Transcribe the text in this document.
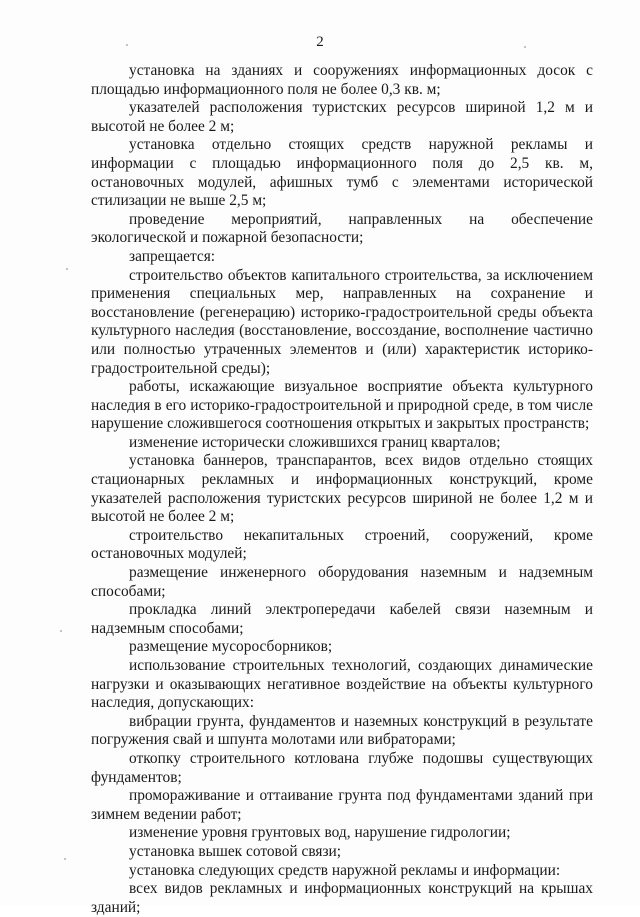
2

установка на зданиях и сооружениях информационных досок с площадью информационного поля не более 0,3 кв. м;

указателей расположения туристских ресурсов шириной 1,2 м и высотой не более 2 м;

установка отдельно стоящих средств наружной рекламы и информации с площадью информационного поля до 2,5 кв. м, остановочных модулей, афишных тумб с элементами исторической стилизации не выше 2,5 м;

проведение мероприятий, направленных на обеспечение экологической и пожарной безопасности;

запрещается:

строительство объектов капитального строительства, за исключением применения специальных мер, направленных на сохранение и восстановление (регенерацию) историко-градостроительной среды объекта культурного наследия (восстановление, воссоздание, восполнение частично или полностью утраченных элементов и (или) характеристик историко-градостроительной среды);

работы, искажающие визуальное восприятие объекта культурного наследия в его историко-градостроительной и природной среде, в том числе нарушение сложившегося соотношения открытых и закрытых пространств;

изменение исторически сложившихся границ кварталов;

установка баннеров, транспарантов, всех видов отдельно стоящих стационарных рекламных и информационных конструкций, кроме указателей расположения туристских ресурсов шириной не более 1,2 м и высотой не более 2 м;

строительство некапитальных строений, сооружений, кроме остановочных модулей;

размещение инженерного оборудования наземным и надземным способами;

прокладка линий электропередачи кабелей связи наземным и надземным способами;

размещение мусоросборников;

использование строительных технологий, создающих динамические нагрузки и оказывающих негативное воздействие на объекты культурного наследия, допускающих:

вибрации грунта, фундаментов и наземных конструкций в результате погружения свай и шпунта молотами или вибраторами;

откопку строительного котлована глубже подошвы существующих фундаментов;

промораживание и оттаивание грунта под фундаментами зданий при зимнем ведении работ;

изменение уровня грунтовых вод, нарушение гидрологии;

установка вышек сотовой связи;

установка следующих средств наружной рекламы и информации:

всех видов рекламных и информационных конструкций на крышах зданий;
